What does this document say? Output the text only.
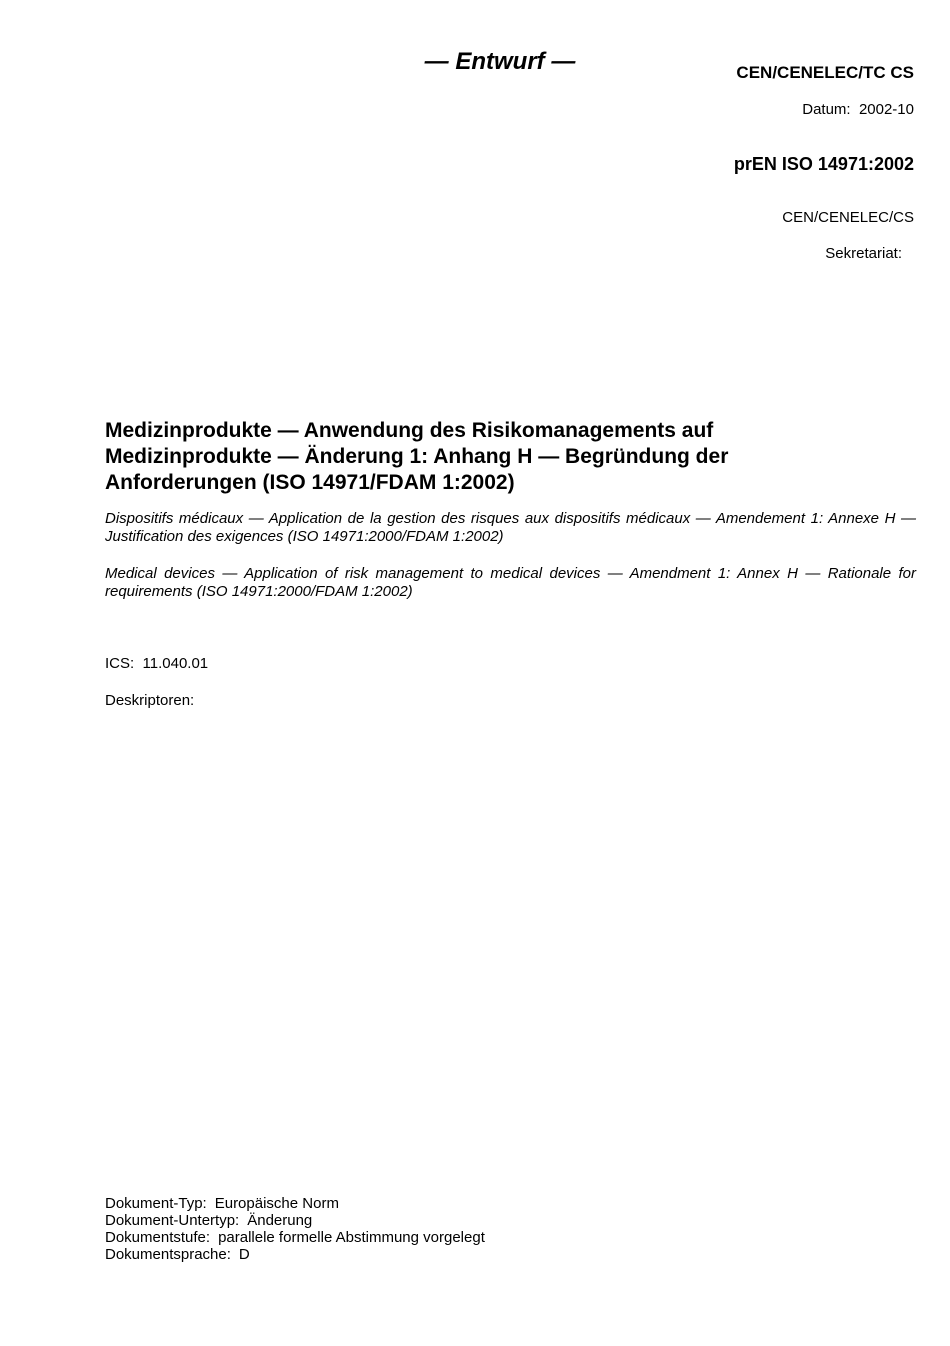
— Entwurf —	CEN/CENELEC/TC CS
Datum: 2002-10
prEN ISO 14971:2002
CEN/CENELEC/CS
Sekretariat:
Medizinprodukte — Anwendung des Risikomanagements auf Medizinprodukte — Änderung 1: Anhang H — Begründung der Anforderungen (ISO 14971/FDAM 1:2002)
Dispositifs médicaux — Application de la gestion des risques aux dispositifs médicaux — Amendement 1: Annexe H — Justification des exigences (ISO 14971:2000/FDAM 1:2002)
Medical devices — Application of risk management to medical devices — Amendment 1: Annex H — Rationale for requirements (ISO 14971:2000/FDAM 1:2002)
ICS: 11.040.01
Deskriptoren:
Dokument-Typ: Europäische Norm
Dokument-Untertyp: Änderung
Dokumentstufe: parallele formelle Abstimmung vorgelegt
Dokumentsprache: D
